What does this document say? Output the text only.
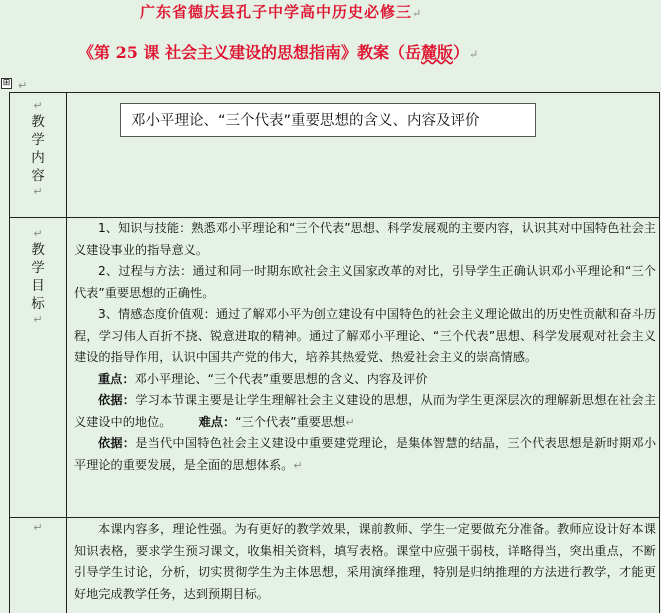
广东省德庆县孔子中学高中历史必修三↵
《第 25 课 社会主义建设的思想指南》教案（岳麓版）↵
⊞ ↵
↵
教
学
内
容
↵
邓小平理论、“三个代表”重要思想的含义、内容及评价
↵
教
学
目
标
↵

1、知识与技能：熟悉邓小平理论和“三个代表”思想、科学发展观的主要内容，认识其对中国特色社会主义建设事业的指导意义。

2、过程与方法：通过和同一时期东欧社会主义国家改革的对比，引导学生正确认识邓小平理论和“三个代表”重要思想的正确性。

3、情感态度价值观：通过了解邓小平为创立建设有中国特色的社会主义理论做出的历史性贡献和奋斗历程，学习伟人百折不挠、锐意进取的精神。通过了解邓小平理论、“三个代表”思想、科学发展观对社会主义建设的指导作用，认识中国共产党的伟大，培养其热爱党、热爱社会主义的崇高情感。

重点：邓小平理论、“三个代表”重要思想的含义、内容及评价

依据：学习本节课主要是让学生理解社会主义建设的思想，从而为学生更深层次的理解新思想在社会主义建设中的地位。 难点：“三个代表”重要思想↵

依据：是当代中国特色社会主义建设中重要建党理论，是集体智慧的结晶，三个代表思想是新时期邓小平理论的重要发展，是全面的思想体系。↵

↵	本课内容多，理论性强。为有更好的教学效果，课前教师、学生一定要做充分准备。教师应设计好本课知识表格，要求学生预习课文，收集相关资料，填写表格。课堂中应强干弱枝，详略得当，突出重点，不断引导学生讨论，分析，切实贯彻学生为主体思想，采用演绎推理，特别是归纳推理的方法进行教学，才能更好地完成教学任务，达到预期目标。
